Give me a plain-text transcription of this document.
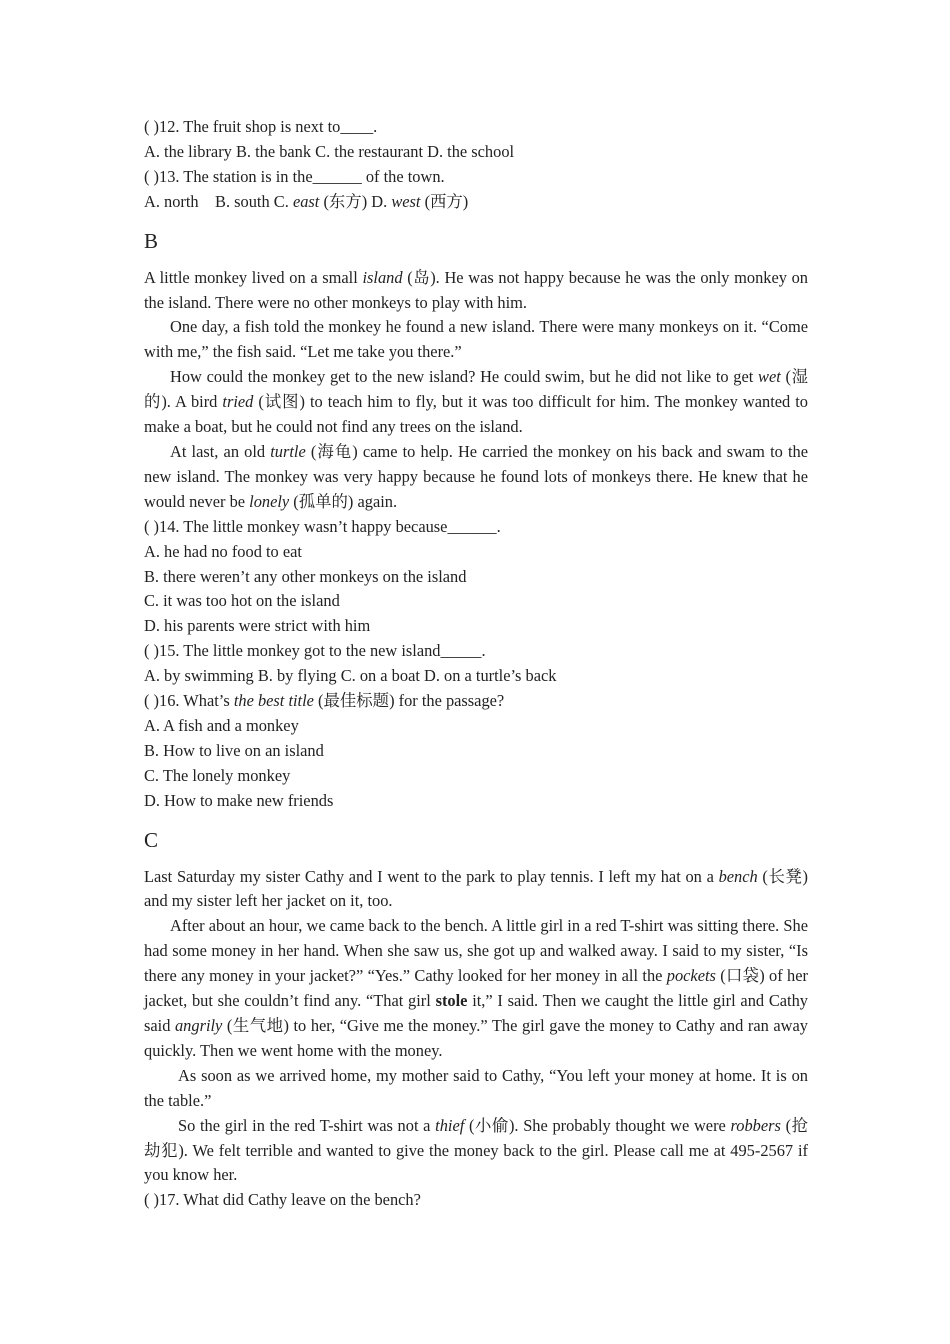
( )12. The fruit shop is next to____.

A. the library B. the bank C. the restaurant D. the school

( )13. The station is in the______ of the town.

A. north B. south C. east (东方) D. west (西方)

B

A little monkey lived on a small island (岛). He was not happy because he was the only monkey on the island. There were no other monkeys to play with him.

One day, a fish told the monkey he found a new island. There were many monkeys on it. “Come with me,” the fish said. “Let me take you there.”

How could the monkey get to the new island? He could swim, but he did not like to get wet (湿的). A bird tried (试图) to teach him to fly, but it was too difficult for him. The monkey wanted to make a boat, but he could not find any trees on the island.

At last, an old turtle (海龟) came to help. He carried the monkey on his back and swam to the new island. The monkey was very happy because he found lots of monkeys there. He knew that he would never be lonely (孤单的) again.

( )14. The little monkey wasn’t happy because______.

A. he had no food to eat

B. there weren’t any other monkeys on the island

C. it was too hot on the island

D. his parents were strict with him

( )15. The little monkey got to the new island_____.

A. by swimming B. by flying C. on a boat D. on a turtle’s back

( )16. What’s the best title (最佳标题) for the passage?

A. A fish and a monkey

B. How to live on an island

C. The lonely monkey

D. How to make new friends

C

Last Saturday my sister Cathy and I went to the park to play tennis. I left my hat on a bench (长凳) and my sister left her jacket on it, too.

After about an hour, we came back to the bench. A little girl in a red T-shirt was sitting there. She had some money in her hand. When she saw us, she got up and walked away. I said to my sister, “Is there any money in your jacket?” “Yes.” Cathy looked for her money in all the pockets (口袋) of her jacket, but she couldn’t find any. “That girl stole it,” I said. Then we caught the little girl and Cathy said angrily (生气地) to her, “Give me the money.” The girl gave the money to Cathy and ran away quickly. Then we went home with the money.

As soon as we arrived home, my mother said to Cathy, “You left your money at home. It is on the table.”

So the girl in the red T-shirt was not a thief (小偷). She probably thought we were robbers (抢劫犯). We felt terrible and wanted to give the money back to the girl. Please call me at 495-2567 if you know her.

( )17. What did Cathy leave on the bench?
